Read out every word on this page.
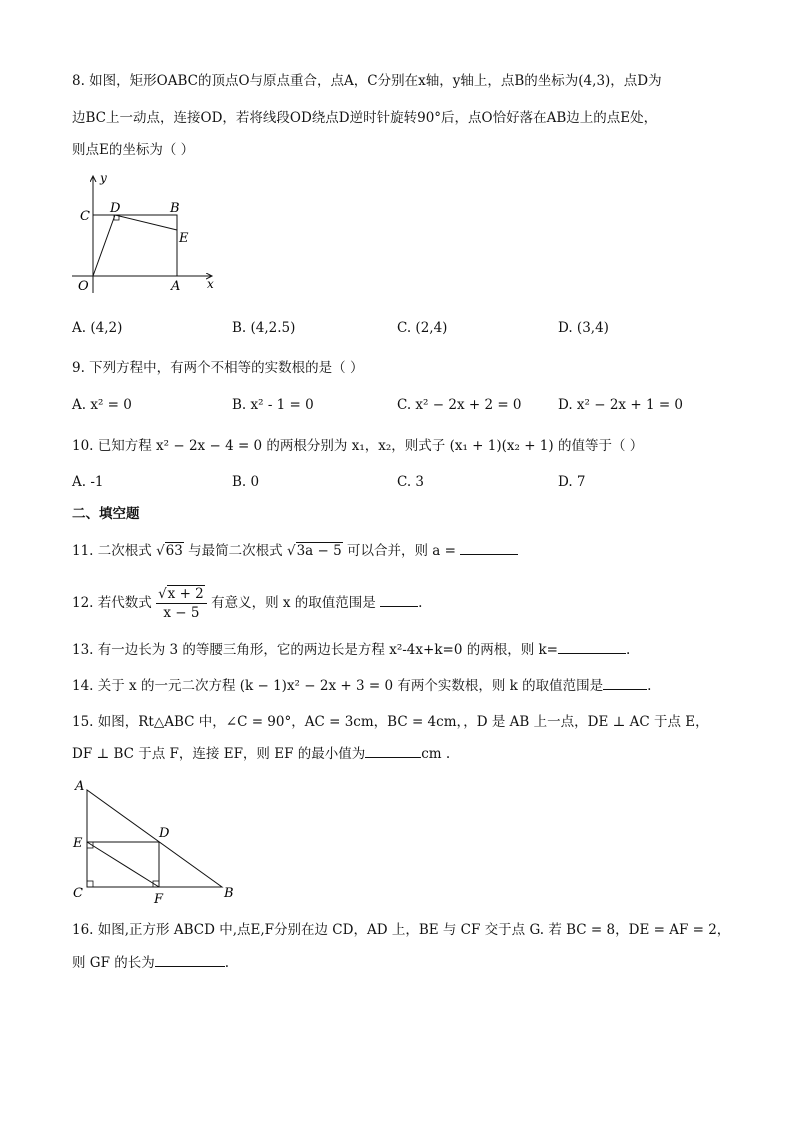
8. 如图，矩形OABC的顶点O与原点重合，点A，C分别在x轴，y轴上，点B的坐标为(4,3)，点D为
边BC上一动点，连接OD，若将线段OD绕点D逆时针旋转90°后，点O恰好落在AB边上的点E处，
则点E的坐标为（ ）
y
x
O	A
B
C
D
E
A. (4,2)	B. (4,2.5)	C. (2,4)	D. (3,4)
9. 下列方程中，有两个不相等的实数根的是（ ）
A. x² = 0	B. x² - 1 = 0	C. x² − 2x + 2 = 0	D. x² − 2x + 1 = 0
10. 已知方程 x² − 2x − 4 = 0 的两根分别为 x₁，x₂，则式子 (x₁ + 1)(x₂ + 1) 的值等于（ ）
A. -1	B. 0	C. 3	D. 7
二、填空题
11. 二次根式 √63 与最简二次根式 √3a − 5 可以合并，则 a =
12. 若代数式 $\frac{√x + 2}{x - 5}$ 有意义，则 x 的取值范围是	.
13. 有一边长为 3 的等腰三角形，它的两边长是方程 x²-4x+k=0 的两根，则 k=	.
14. 关于 x 的一元二次方程 (k − 1)x² − 2x + 3 = 0 有两个实数根，则 k 的取值范围是	.
15. 如图，Rt△ABC 中，∠C = 90°，AC = 3cm，BC = 4cm，，D 是 AB 上一点，DE ⊥ AC 于点 E，
DF ⊥ BC 于点 F，连接 EF，则 EF 的最小值为	cm .
A
E
C
D
F	B
16. 如图,正方形 ABCD 中,点E,F分别在边 CD，AD 上，BE 与 CF 交于点 G. 若 BC = 8，DE = AF = 2，
则 GF 的长为	.
